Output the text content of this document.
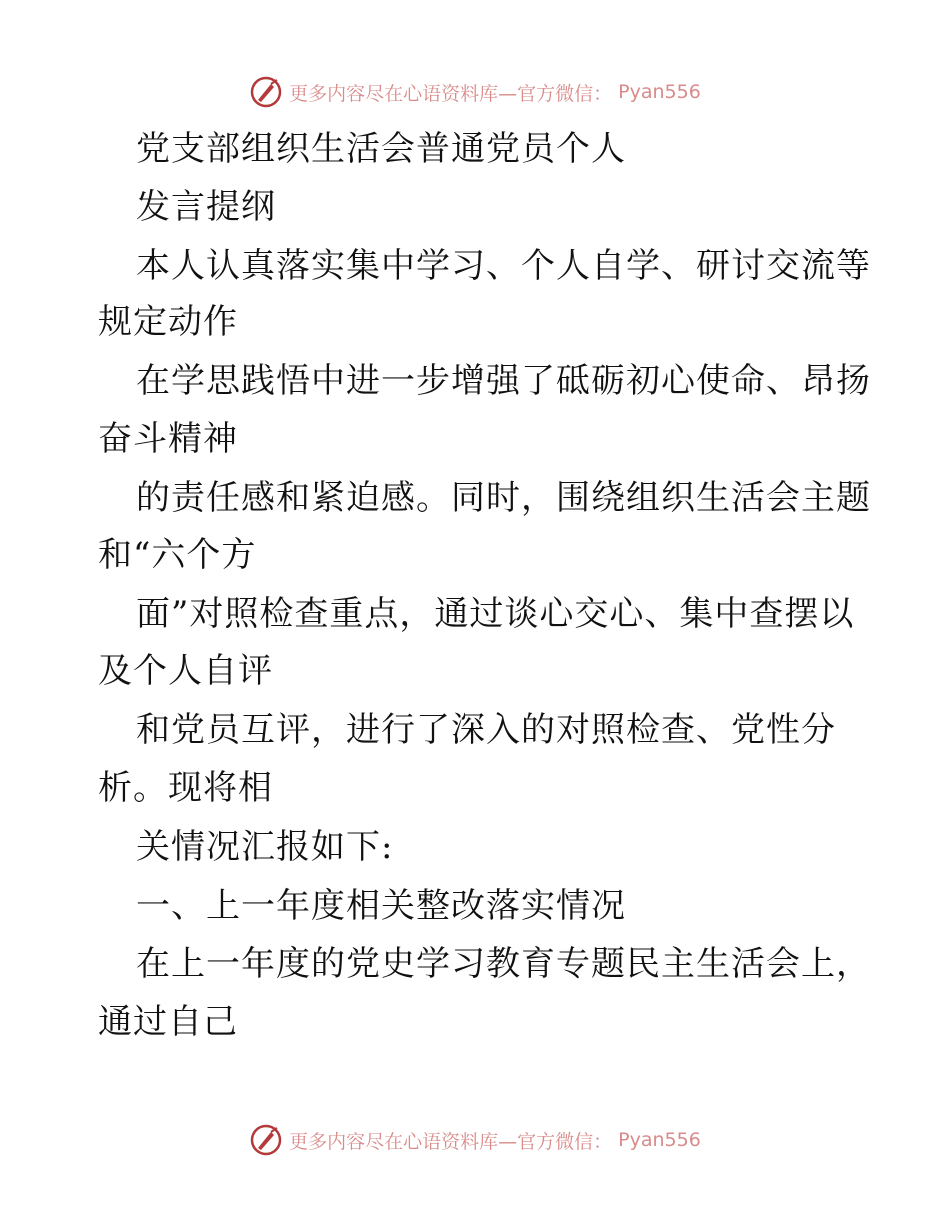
更多内容尽在心语资料库—官方微信： Pyan556
党支部组织生活会普通党员个人
发言提纲
本人认真落实集中学习、个人自学、研讨交流等
规定动作
在学思践悟中进一步增强了砥砺初心使命、昂扬
奋斗精神
的责任感和紧迫感。同时，围绕组织生活会主题
和“六个方
面”对照检查重点，通过谈心交心、集中查摆以
及个人自评
和党员互评，进行了深入的对照检查、党性分
析。现将相
关情况汇报如下:
一、上一年度相关整改落实情况
在上一年度的党史学习教育专题民主生活会上，
通过自己
更多内容尽在心语资料库—官方微信： Pyan556
